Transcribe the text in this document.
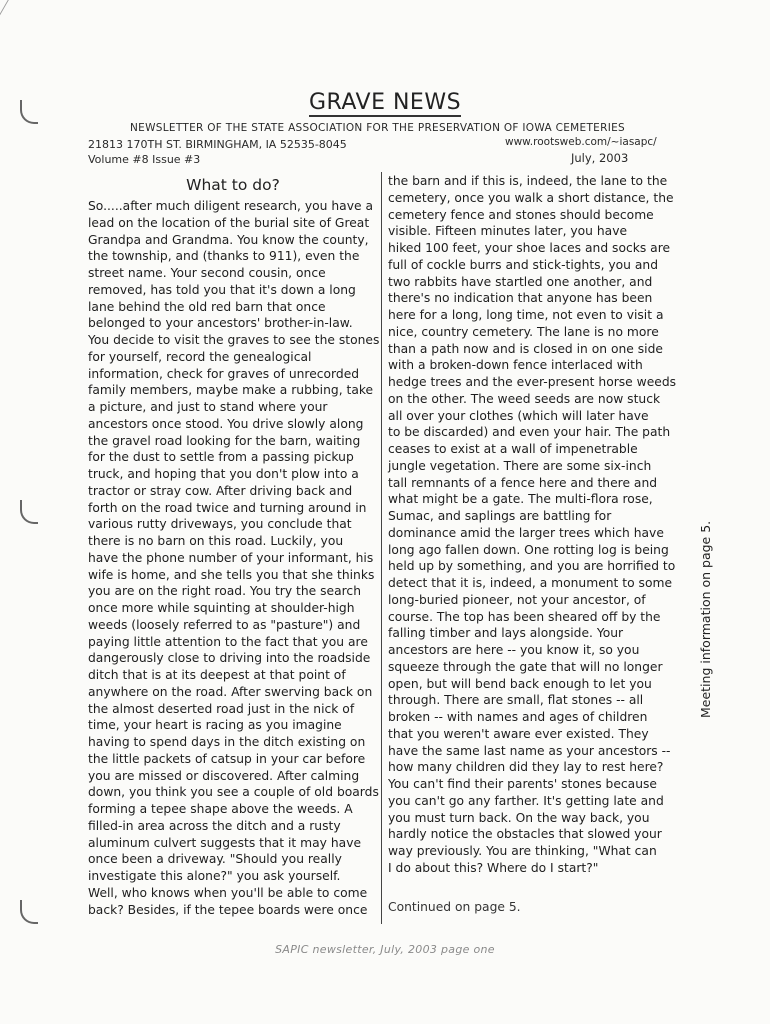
GRAVE NEWS
NEWSLETTER OF THE STATE ASSOCIATION FOR THE PRESERVATION OF IOWA CEMETERIES
21813 170TH ST. BIRMINGHAM, IA 52535-8045	www.rootsweb.com/~iasapc/
Volume #8 Issue #3	July, 2003
What to do?
So.....after much diligent research, you have a
lead on the location of the burial site of Great
Grandpa and Grandma. You know the county,
the township, and (thanks to 911), even the
street name. Your second cousin, once
removed, has told you that it's down a long
lane behind the old red barn that once
belonged to your ancestors' brother-in-law.
You decide to visit the graves to see the stones
for yourself, record the genealogical
information, check for graves of unrecorded
family members, maybe make a rubbing, take
a picture, and just to stand where your
ancestors once stood. You drive slowly along
the gravel road looking for the barn, waiting
for the dust to settle from a passing pickup
truck, and hoping that you don't plow into a
tractor or stray cow. After driving back and
forth on the road twice and turning around in
various rutty driveways, you conclude that
there is no barn on this road. Luckily, you
have the phone number of your informant, his
wife is home, and she tells you that she thinks
you are on the right road. You try the search
once more while squinting at shoulder-high
weeds (loosely referred to as "pasture") and
paying little attention to the fact that you are
dangerously close to driving into the roadside
ditch that is at its deepest at that point of
anywhere on the road. After swerving back on
the almost deserted road just in the nick of
time, your heart is racing as you imagine
having to spend days in the ditch existing on
the little packets of catsup in your car before
you are missed or discovered. After calming
down, you think you see a couple of old boards
forming a tepee shape above the weeds. A
filled-in area across the ditch and a rusty
aluminum culvert suggests that it may have
once been a driveway. "Should you really
investigate this alone?" you ask yourself.
Well, who knows when you'll be able to come
back? Besides, if the tepee boards were once
the barn and if this is, indeed, the lane to the
cemetery, once you walk a short distance, the
cemetery fence and stones should become
visible. Fifteen minutes later, you have
hiked 100 feet, your shoe laces and socks are
full of cockle burrs and stick-tights, you and
two rabbits have startled one another, and
there's no indication that anyone has been
here for a long, long time, not even to visit a
nice, country cemetery. The lane is no more
than a path now and is closed in on one side
with a broken-down fence interlaced with
hedge trees and the ever-present horse weeds
on the other. The weed seeds are now stuck
all over your clothes (which will later have
to be discarded) and even your hair. The path
ceases to exist at a wall of impenetrable
jungle vegetation. There are some six-inch
tall remnants of a fence here and there and
what might be a gate. The multi-flora rose,
Sumac, and saplings are battling for
dominance amid the larger trees which have
long ago fallen down. One rotting log is being
held up by something, and you are horrified to
detect that it is, indeed, a monument to some
long-buried pioneer, not your ancestor, of
course. The top has been sheared off by the
falling timber and lays alongside. Your
ancestors are here -- you know it, so you
squeeze through the gate that will no longer
open, but will bend back enough to let you
through. There are small, flat stones -- all
broken -- with names and ages of children
that you weren't aware ever existed. They
have the same last name as your ancestors --
how many children did they lay to rest here?
You can't find their parents' stones because
you can't go any farther. It's getting late and
you must turn back. On the way back, you
hardly notice the obstacles that slowed your
way previously. You are thinking, "What can
I do about this? Where do I start?"
Continued on page 5.
Meeting information on page 5.
SAPIC newsletter, July, 2003 page one
